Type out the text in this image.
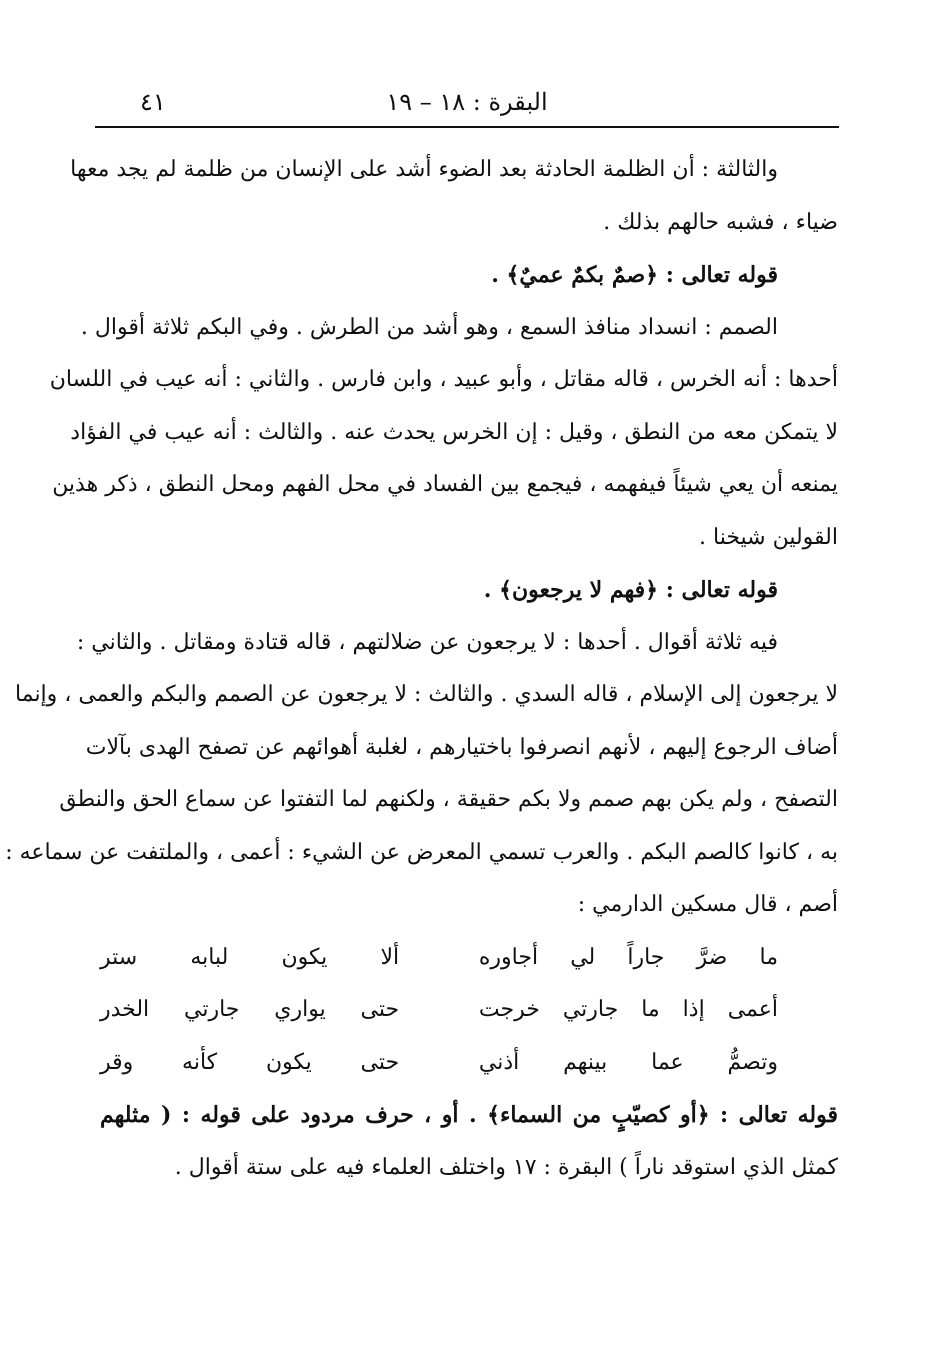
البقرة : ١٨ – ١٩
٤١
والثالثة : أن الظلمة الحادثة بعد الضوء أشد على الإنسان من ظلمة لم يجد معها
ضياء ، فشبه حالهم بذلك .
قوله تعالى : ﴿صمٌ بكمٌ عميٌ﴾ .
الصمم : انسداد منافذ السمع ، وهو أشد من الطرش . وفي البكم ثلاثة أقوال .
أحدها : أنه الخرس ، قاله مقاتل ، وأبو عبيد ، وابن فارس . والثاني : أنه عيب في اللسان
لا يتمكن معه من النطق ، وقيل : إن الخرس يحدث عنه . والثالث : أنه عيب في الفؤاد
يمنعه أن يعي شيئاً فيفهمه ، فيجمع بين الفساد في محل الفهم ومحل النطق ، ذكر هذين
القولين شيخنا .
قوله تعالى : ﴿فهم لا يرجعون﴾ .
فيه ثلاثة أقوال . أحدها : لا يرجعون عن ضلالتهم ، قاله قتادة ومقاتل . والثاني :
لا يرجعون إلى الإسلام ، قاله السدي . والثالث : لا يرجعون عن الصمم والبكم والعمى ، وإنما
أضاف الرجوع إليهم ، لأنهم انصرفوا باختيارهم ، لغلبة أهوائهم عن تصفح الهدى بآلات
التصفح ، ولم يكن بهم صمم ولا بكم حقيقة ، ولكنهم لما التفتوا عن سماع الحق والنطق
به ، كانوا كالصم البكم . والعرب تسمي المعرض عن الشيء : أعمى ، والملتفت عن سماعه :
أصم ، قال مسكين الدارمي :
ما ضرَّ جاراً لي أجاوره
ألا يكون لبابه ستر
أعمى إذا ما جارتي خرجت
حتى يواري جارتي الخدر
وتصمُّ عما بينهم أذني
حتى يكون كأنه وقر
قوله تعالى : ﴿أو كصيّبٍ من السماء﴾ . أو ، حرف مردود على قوله : ( مثلهم
كمثل الذي استوقد ناراً ) البقرة : ١٧ واختلف العلماء فيه على ستة أقوال .
